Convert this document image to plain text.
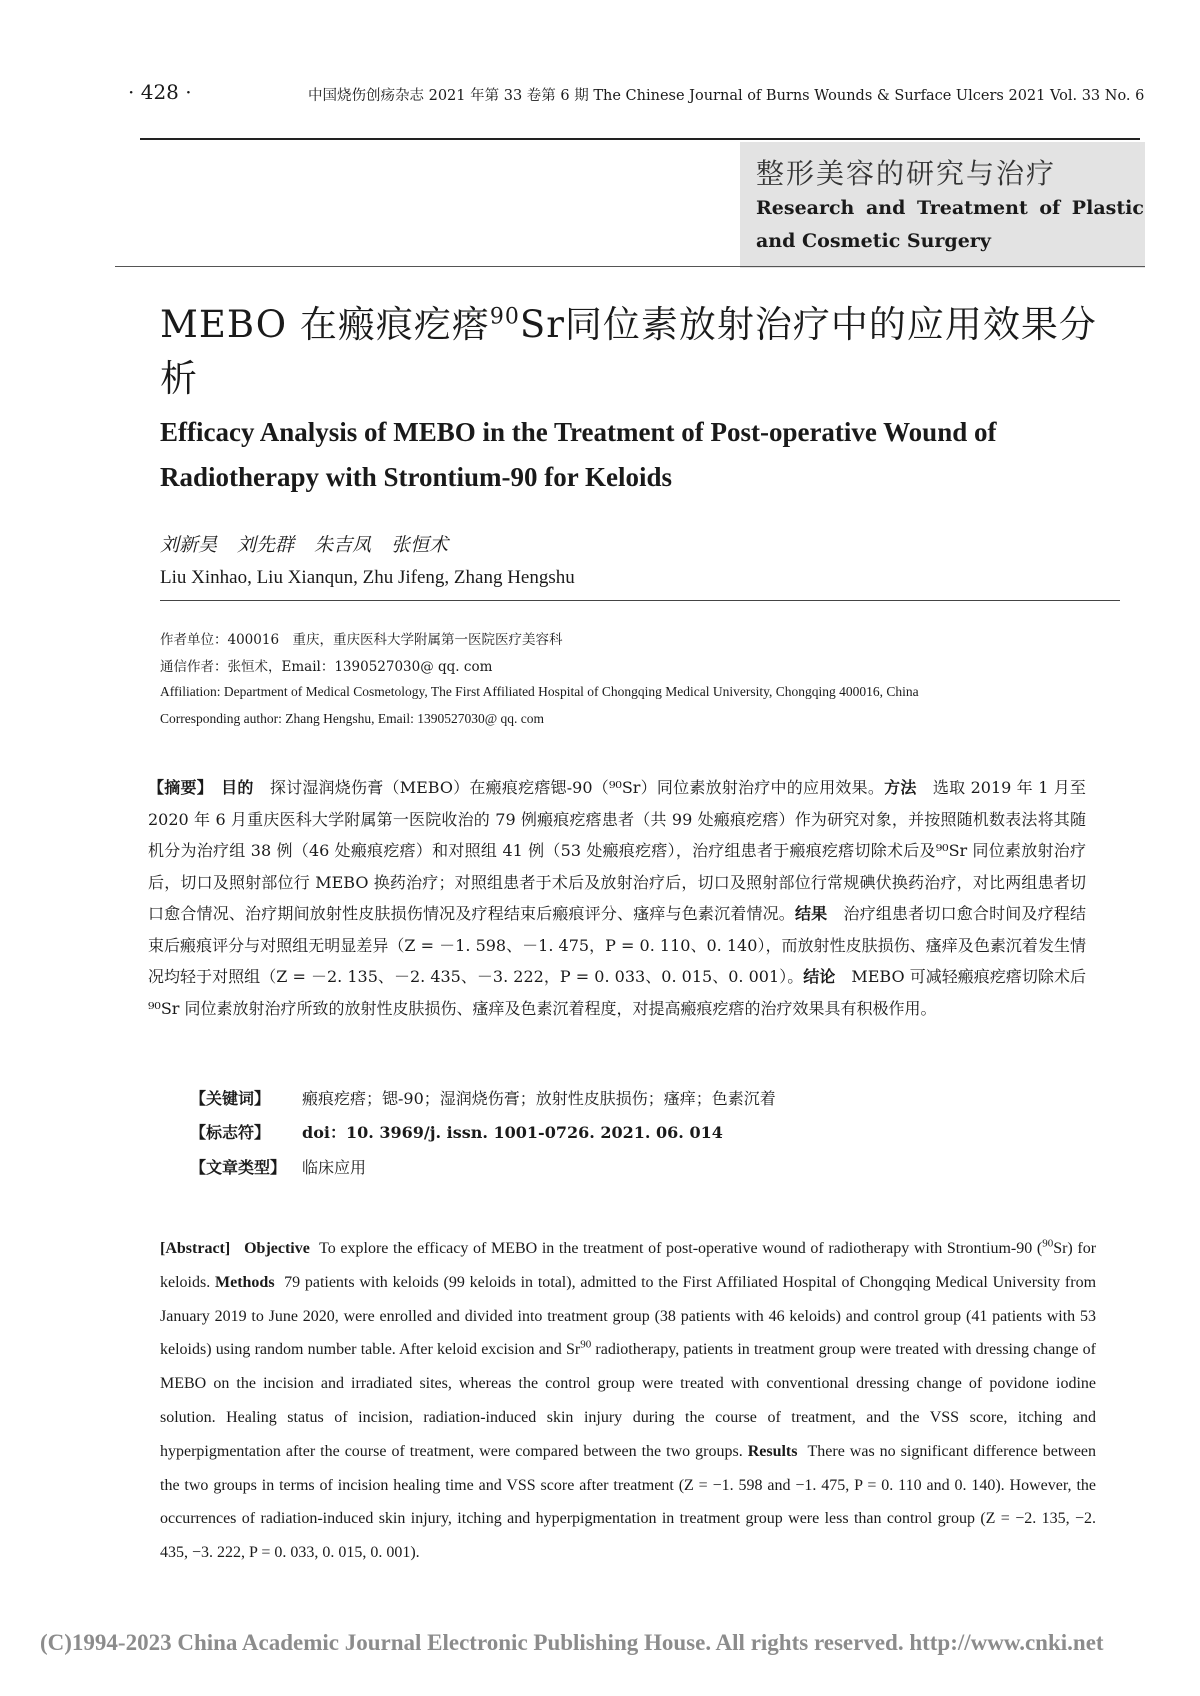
· 428 ·	中国烧伤创疡杂志 2021 年第 33 卷第 6 期 The Chinese Journal of Burns Wounds & Surface Ulcers 2021 Vol. 33 No. 6
整形美容的研究与治疗
Research and Treatment of Plastic
and Cosmetic Surgery
MEBO 在瘢痕疙瘩$^{90}$Sr同位素放射治疗中的应用效果分析
Efficacy Analysis of MEBO in the Treatment of Post-operative Wound of Radiotherapy with Strontium-90 for Keloids
刘新昊 刘先群 朱吉凤 张恒术
Liu Xinhao, Liu Xianqun, Zhu Jifeng, Zhang Hengshu
作者单位：400016　重庆，重庆医科大学附属第一医院医疗美容科
通信作者：张恒术，Email：1390527030@ qq. com
Affiliation: Department of Medical Cosmetology, The First Affiliated Hospital of Chongqing Medical University, Chongqing 400016, China
Corresponding author: Zhang Hengshu, Email: 1390527030@ qq. com
【摘要】　 目的　 探讨湿润烧伤膏（MEBO）在瘢痕疙瘩锶-90（⁹⁰Sr）同位素放射治疗中的应用效果。方法　 选取 2019 年 1 月至 2020 年 6 月重庆医科大学附属第一医院收治的 79 例瘢痕疙瘩患者（共 99 处瘢痕疙瘩）作为研究对象，并按照随机数表法将其随机分为治疗组 38 例（46 处瘢痕疙瘩）和对照组 41 例（53 处瘢痕疙瘩），治疗组患者于瘢痕疙瘩切除术后及⁹⁰Sr 同位素放射治疗后，切口及照射部位行 MEBO 换药治疗；对照组患者于术后及放射治疗后，切口及照射部位行常规碘伏换药治疗，对比两组患者切口愈合情况、治疗期间放射性皮肤损伤情况及疗程结束后瘢痕评分、瘙痒与色素沉着情况。结果　 治疗组患者切口愈合时间及疗程结束后瘢痕评分与对照组无明显差异（Z = －1. 598、－1. 475，P = 0. 110、0. 140），而放射性皮肤损伤、瘙痒及色素沉着发生情况均轻于对照组（Z = －2. 135、－2. 435、－3. 222，P = 0. 033、0. 015、0. 001）。结论　 MEBO 可减轻瘢痕疙瘩切除术后⁹⁰Sr 同位素放射治疗所致的放射性皮肤损伤、瘙痒及色素沉着程度，对提高瘢痕疙瘩的治疗效果具有积极作用。
【关键词】 瘢痕疙瘩；锶-90；湿润烧伤膏；放射性皮肤损伤；瘙痒；色素沉着
【标志符】 doi：10. 3969/j. issn. 1001-0726. 2021. 06. 014
【文章类型】 临床应用
[Abstract] Objective To explore the efficacy of MEBO in the treatment of post-operative wound of radiotherapy with Strontium-90 ($^{90}$Sr) for keloids. Methods 79 patients with keloids (99 keloids in total), admitted to the First Affiliated Hospital of Chongqing Medical University from January 2019 to June 2020, were enrolled and divided into treatment group (38 patients with 46 keloids) and control group (41 patients with 53 keloids) using random number table. After keloid excision and Sr$^{90}$ radiotherapy, patients in treatment group were treated with dressing change of MEBO on the incision and irradiated sites, whereas the control group were treated with conventional dressing change of povidone iodine solution. Healing status of incision, radiation-induced skin injury during the course of treatment, and the VSS score, itching and hyperpigmentation after the course of treatment, were compared between the two groups. Results There was no significant difference between the two groups in terms of incision healing time and VSS score after treatment (Z = −1. 598 and −1. 475, P = 0. 110 and 0. 140). However, the occurrences of radiation-induced skin injury, itching and hyperpigmentation in treatment group were less than control group (Z = −2. 135, −2. 435, −3. 222, P = 0. 033, 0. 015, 0. 001).
(C)1994-2023 China Academic Journal Electronic Publishing House. All rights reserved. http://www.cnki.net
